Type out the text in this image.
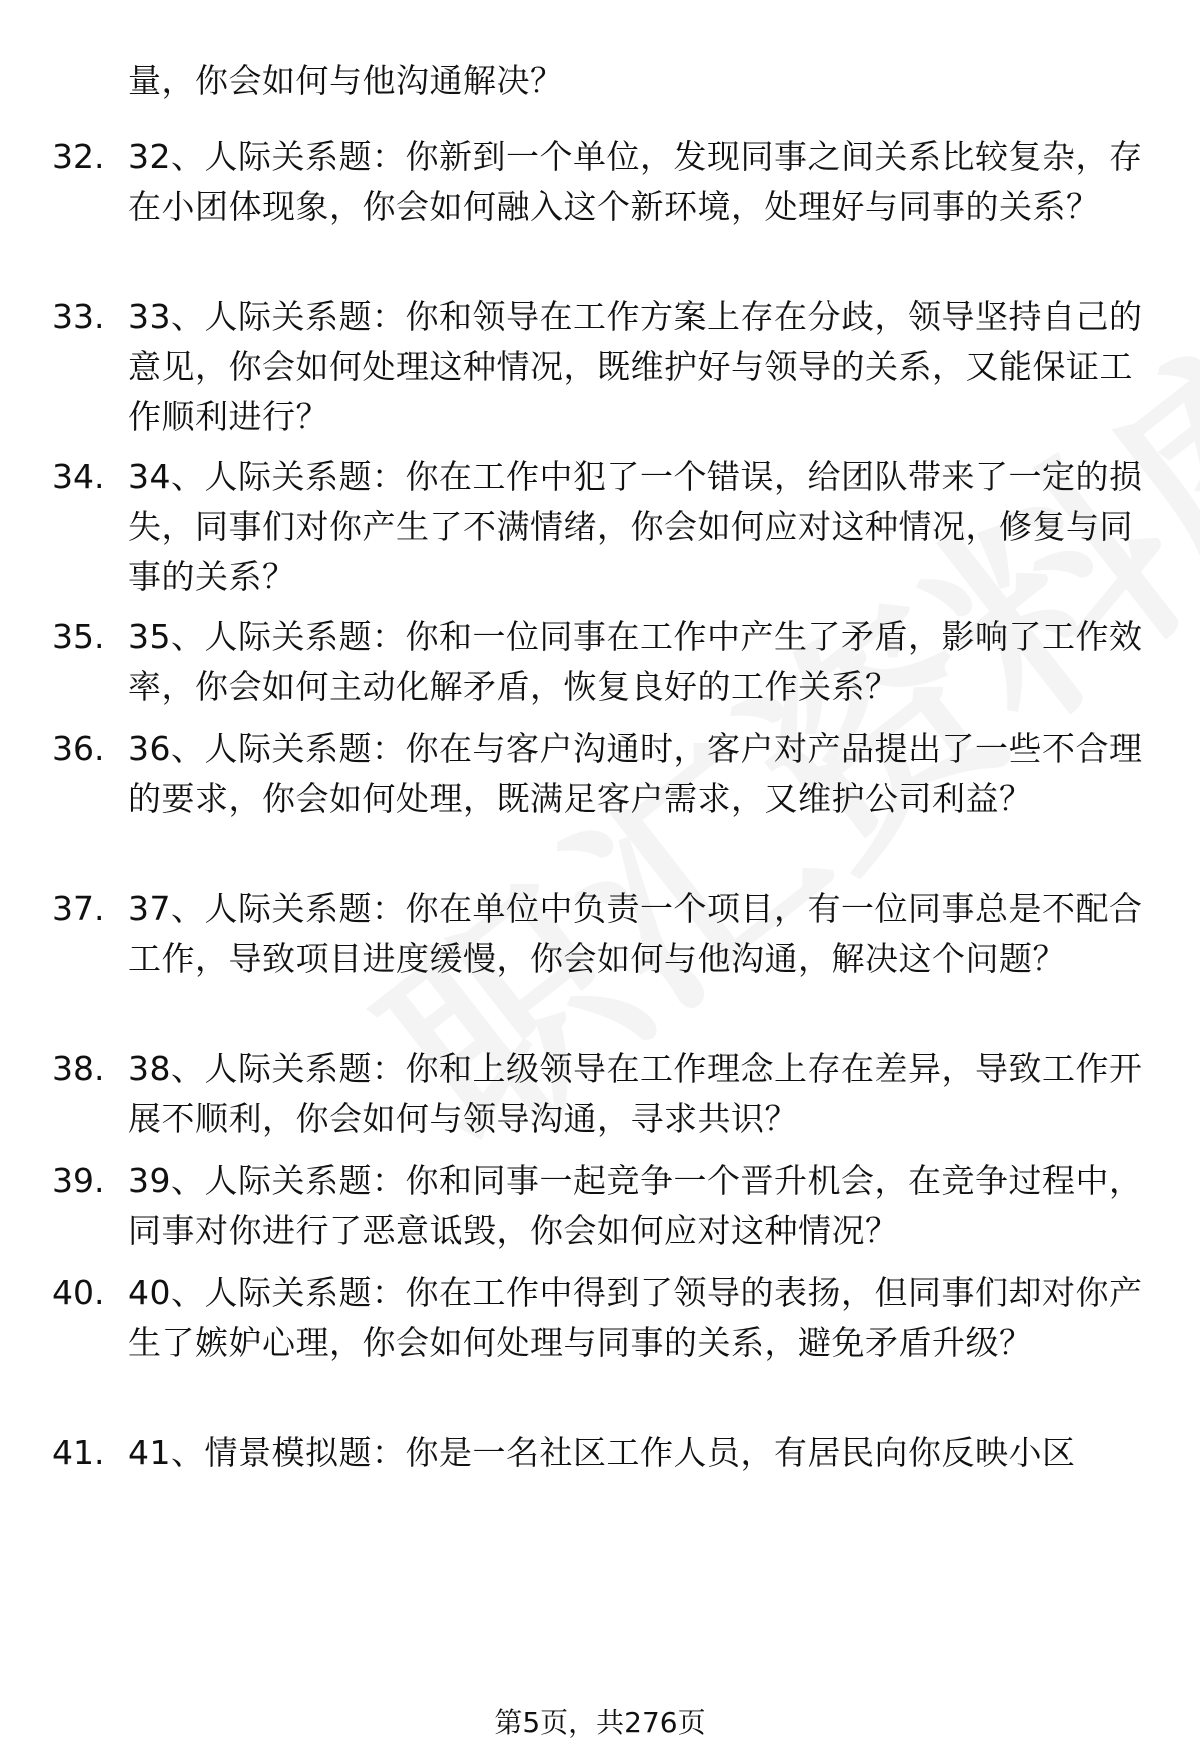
量，你会如何与他沟通解决？
32. 32、人际关系题：你新到一个单位，发现同事之间关系比较复杂，存在小团体现象，你会如何融入这个新环境，处理好与同事的关系？
33. 33、人际关系题：你和领导在工作方案上存在分歧，领导坚持自己的意见，你会如何处理这种情况，既维护好与领导的关系，又能保证工作顺利进行？
34. 34、人际关系题：你在工作中犯了一个错误，给团队带来了一定的损失，同事们对你产生了不满情绪，你会如何应对这种情况，修复与同事的关系？
35. 35、人际关系题：你和一位同事在工作中产生了矛盾，影响了工作效率，你会如何主动化解矛盾，恢复良好的工作关系？
36. 36、人际关系题：你在与客户沟通时，客户对产品提出了一些不合理的要求，你会如何处理，既满足客户需求，又维护公司利益？
37. 37、人际关系题：你在单位中负责一个项目，有一位同事总是不配合工作，导致项目进度缓慢，你会如何与他沟通，解决这个问题？
38. 38、人际关系题：你和上级领导在工作理念上存在差异，导致工作开展不顺利，你会如何与领导沟通，寻求共识？
39. 39、人际关系题：你和同事一起竞争一个晋升机会，在竞争过程中，同事对你进行了恶意诋毁，你会如何应对这种情况？
40. 40、人际关系题：你在工作中得到了领导的表扬，但同事们却对你产生了嫉妒心理，你会如何处理与同事的关系，避免矛盾升级？
41. 41、情景模拟题：你是一名社区工作人员，有居民向你反映小区
第5页，共276页
